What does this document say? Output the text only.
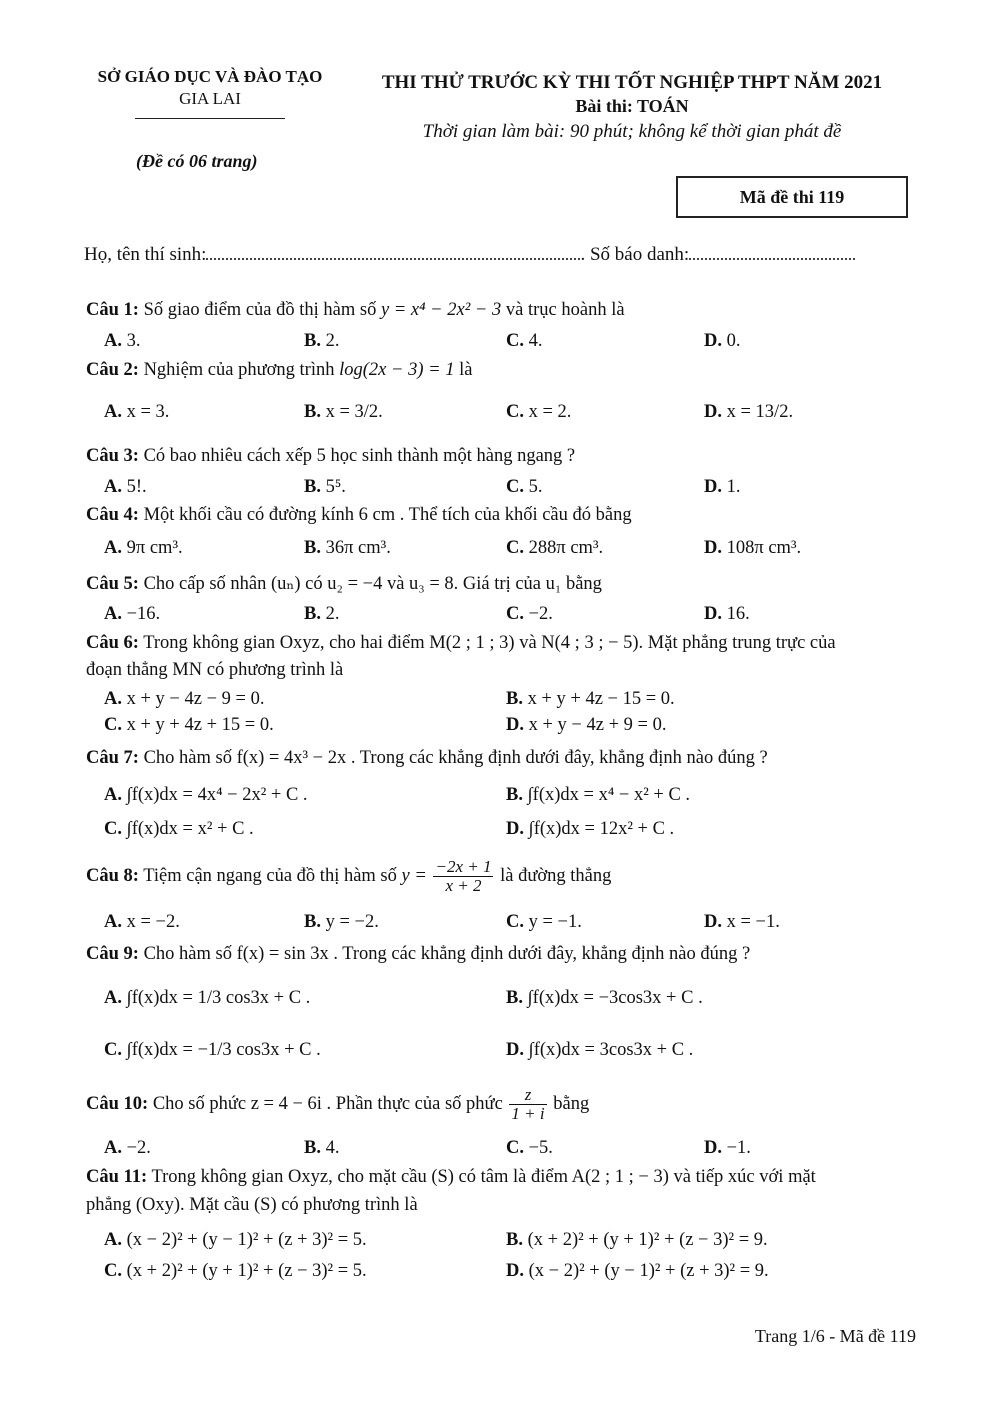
SỞ GIÁO DỤC VÀ ĐÀO TẠO
GIA LAI
THI THỬ TRƯỚC KỲ THI TỐT NGHIỆP THPT NĂM 2021
Bài thi: TOÁN
Thời gian làm bài: 90 phút; không kể thời gian phát đề
(Đề có 06 trang)
Mã đề thi 119
Họ, tên thí sinh:	. Số báo danh:
Câu 1: Số giao điểm của đồ thị hàm số y = x⁴ − 2x² − 3 và trục hoành là
A. 3.	B. 2.	C. 4.	D. 0.
Câu 2: Nghiệm của phương trình log(2x − 3) = 1 là
A. x = 3.	B. x = 3/2.	C. x = 2.	D. x = 13/2.
Câu 3: Có bao nhiêu cách xếp 5 học sinh thành một hàng ngang ?
A. 5!.	B. 5⁵.	C. 5.	D. 1.
Câu 4: Một khối cầu có đường kính 6 cm . Thể tích của khối cầu đó bằng
A. 9π cm³.	B. 36π cm³.	C. 288π cm³.	D. 108π cm³.
Câu 5: Cho cấp số nhân (uₙ) có u₂ = −4 và u₃ = 8. Giá trị của u₁ bằng
A. −16.	B. 2.	C. −2.	D. 16.
Câu 6: Trong không gian Oxyz, cho hai điểm M(2 ; 1 ; 3) và N(4 ; 3 ; − 5). Mặt phẳng trung trực của
đoạn thẳng MN có phương trình là
A. x + y − 4z − 9 = 0.	B. x + y + 4z − 15 = 0.
C. x + y + 4z + 15 = 0.	D. x + y − 4z + 9 = 0.
Câu 7: Cho hàm số f(x) = 4x³ − 2x . Trong các khẳng định dưới đây, khẳng định nào đúng ?
A. ∫f(x)dx = 4x⁴ − 2x² + C .	B. ∫f(x)dx = x⁴ − x² + C .
C. ∫f(x)dx = x² + C .	D. ∫f(x)dx = 12x² + C .
Câu 8: Tiệm cận ngang của đồ thị hàm số $y = \frac{-2x + 1}{x + 2}$ là đường thẳng
A. x = −2.	B. y = −2.	C. y = −1.	D. x = −1.
Câu 9: Cho hàm số f(x) = sin 3x . Trong các khẳng định dưới đây, khẳng định nào đúng ?
A. ∫f(x)dx = 1/3 cos3x + C .	B. ∫f(x)dx = −3cos3x + C .
C. ∫f(x)dx = −1/3 cos3x + C .	D. ∫f(x)dx = 3cos3x + C .
Câu 10: Cho số phức z = 4 − 6i . Phần thực của số phức $\frac{z}{1 + i}$ bằng
A. −2.	B. 4.	C. −5.	D. −1.
Câu 11: Trong không gian Oxyz, cho mặt cầu (S) có tâm là điểm A(2 ; 1 ; − 3) và tiếp xúc với mặt
phẳng (Oxy). Mặt cầu (S) có phương trình là
A. (x − 2)² + (y − 1)² + (z + 3)² = 5.	B. (x + 2)² + (y + 1)² + (z − 3)² = 9.
C. (x + 2)² + (y + 1)² + (z − 3)² = 5.	D. (x − 2)² + (y − 1)² + (z + 3)² = 9.
Trang 1/6 - Mã đề 119
